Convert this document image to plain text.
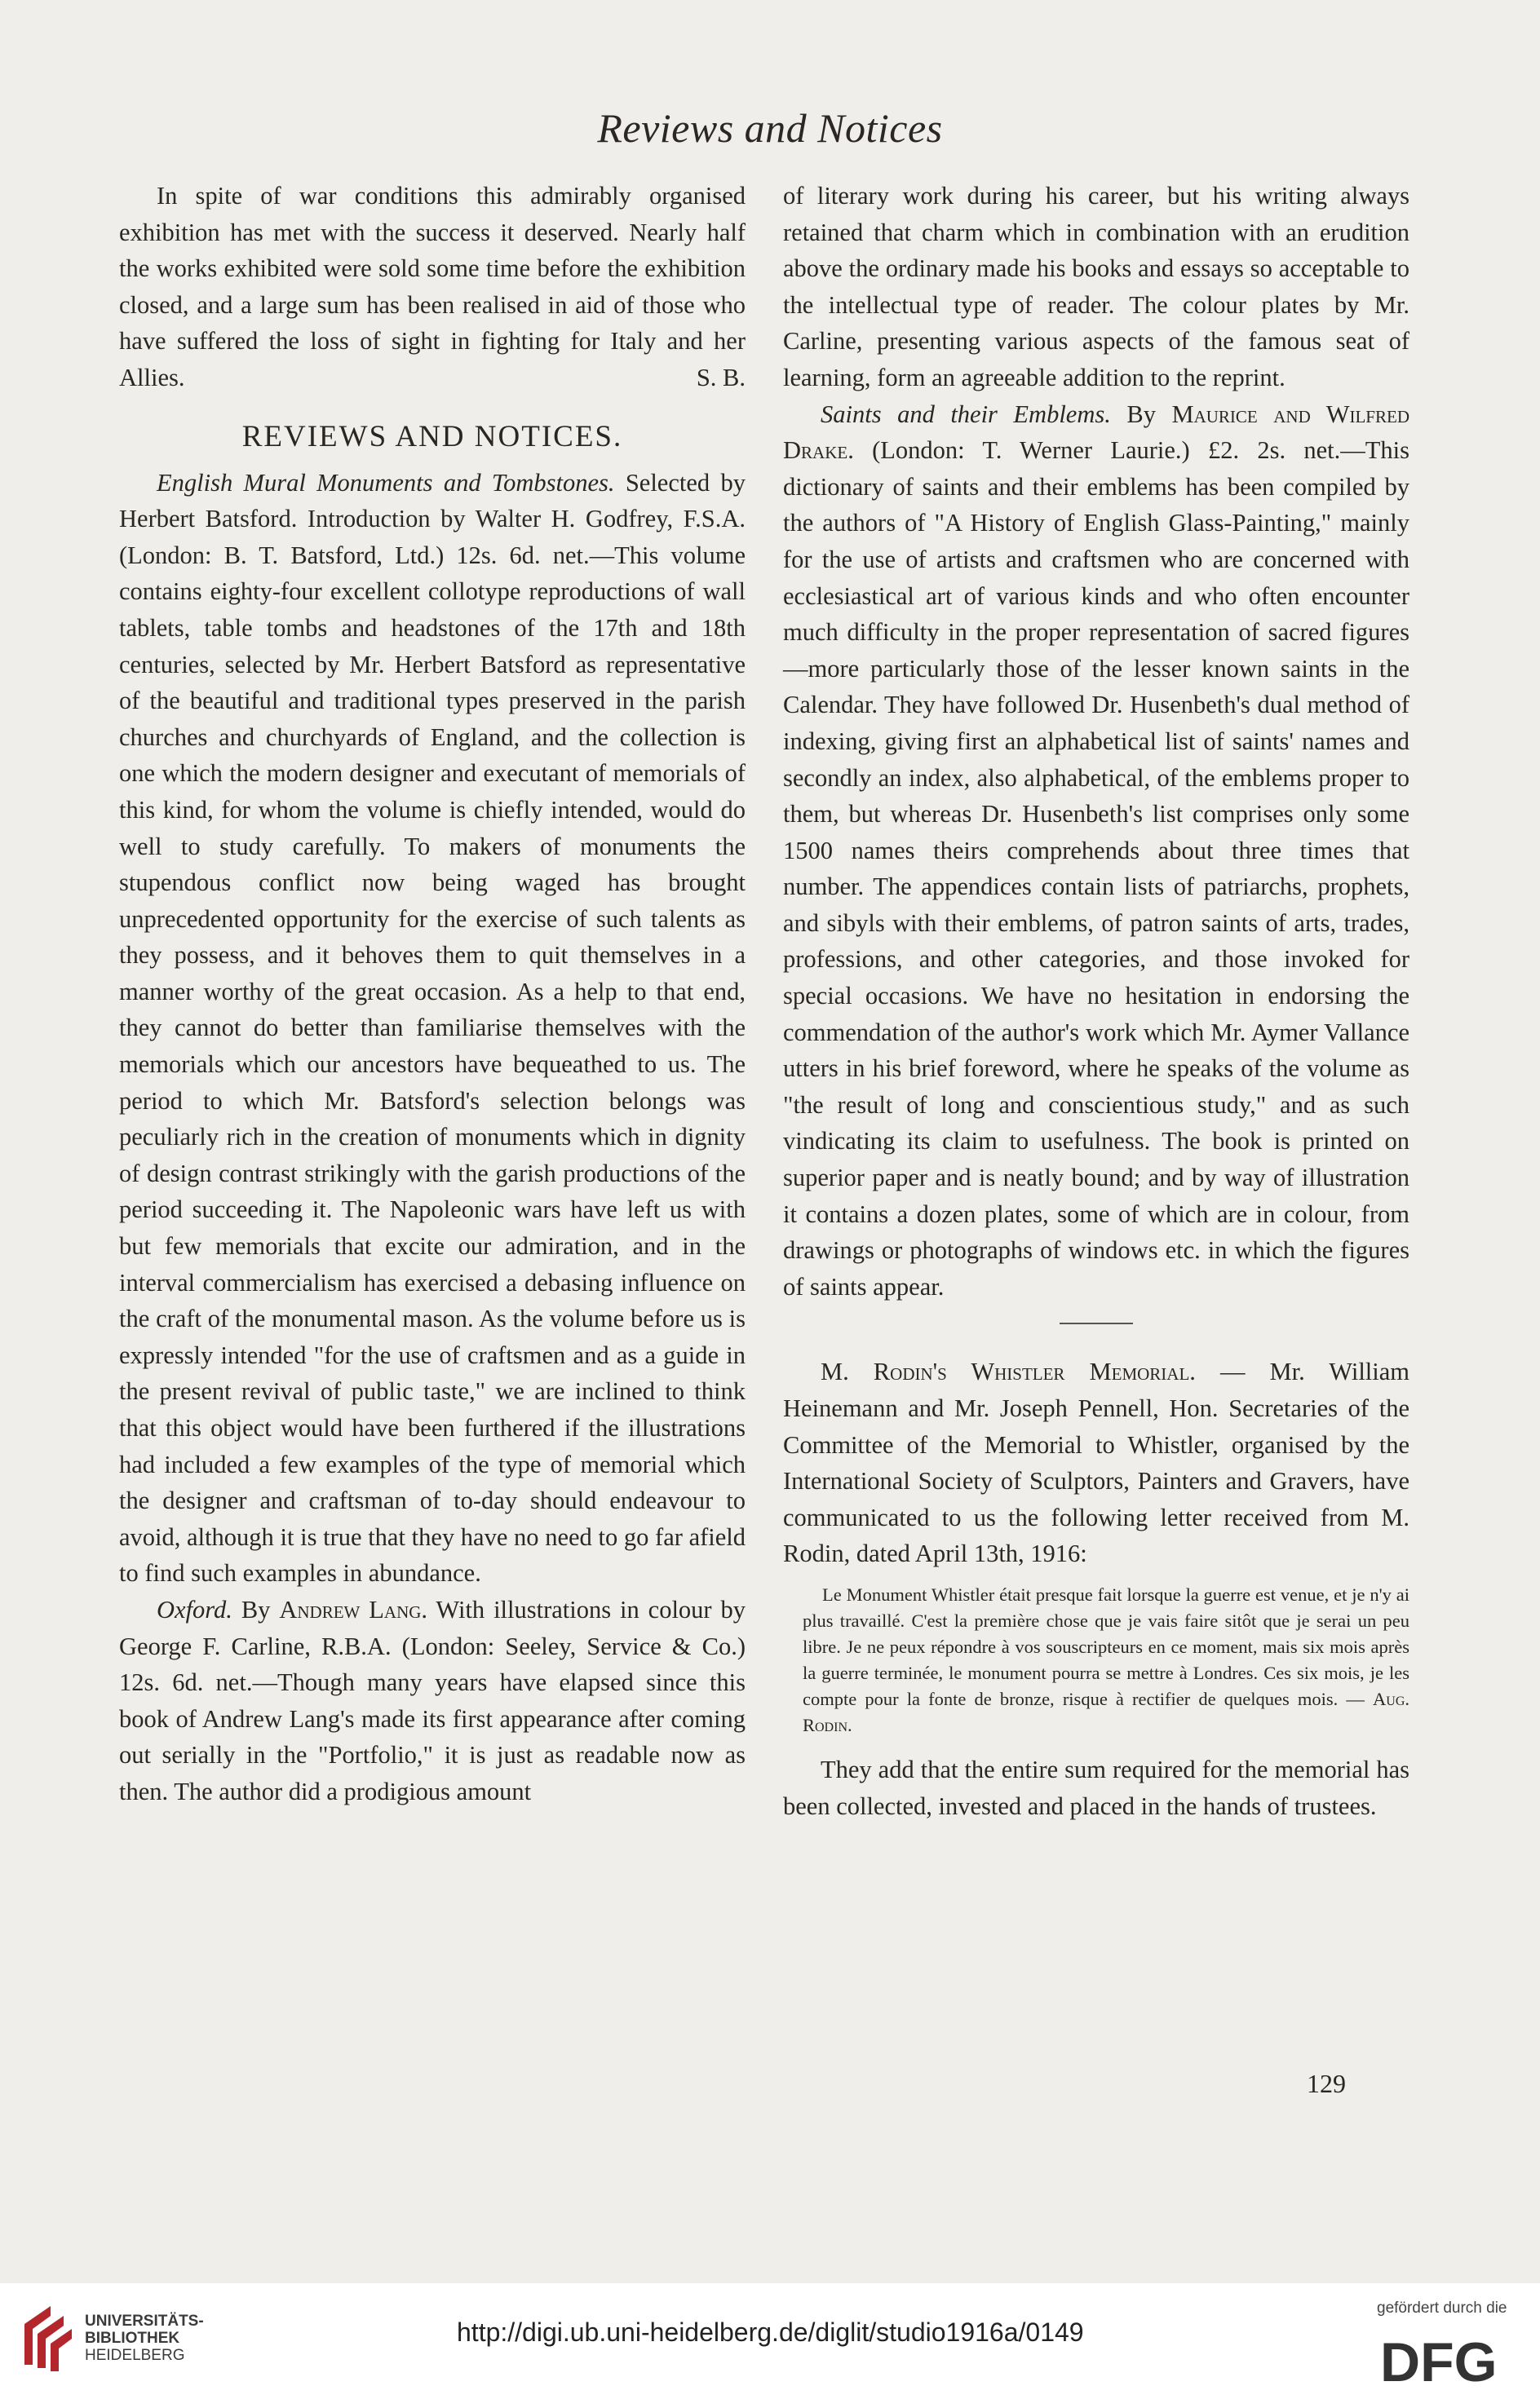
Reviews and Notices

In spite of war conditions this admirably organised exhibition has met with the success it deserved. Nearly half the works exhibited were sold some time before the exhibition closed, and a large sum has been realised in aid of those who have suffered the loss of sight in fighting for Italy and her Allies.	S. B.
REVIEWS AND NOTICES.

English Mural Monuments and Tombstones. Selected by Herbert Batsford. Introduction by Walter H. Godfrey, F.S.A. (London: B. T. Batsford, Ltd.) 12s. 6d. net.—This volume contains eighty-four excellent collotype reproductions of wall tablets, table tombs and headstones of the 17th and 18th centuries, selected by Mr. Herbert Batsford as representative of the beautiful and traditional types preserved in the parish churches and churchyards of England, and the collection is one which the modern designer and executant of memorials of this kind, for whom the volume is chiefly intended, would do well to study carefully. To makers of monuments the stupendous conflict now being waged has brought unprecedented opportunity for the exercise of such talents as they possess, and it behoves them to quit themselves in a manner worthy of the great occasion. As a help to that end, they cannot do better than familiarise themselves with the memorials which our ancestors have bequeathed to us. The period to which Mr. Batsford's selection belongs was peculiarly rich in the creation of monuments which in dignity of design contrast strikingly with the garish productions of the period succeeding it. The Napoleonic wars have left us with but few memorials that excite our admiration, and in the interval commercialism has exercised a debasing influence on the craft of the monumental mason. As the volume before us is expressly intended "for the use of craftsmen and as a guide in the present revival of public taste," we are inclined to think that this object would have been furthered if the illustrations had included a few examples of the type of memorial which the designer and craftsman of to-day should endeavour to avoid, although it is true that they have no need to go far afield to find such examples in abundance.

Oxford. By Andrew Lang. With illustrations in colour by George F. Carline, R.B.A. (London: Seeley, Service & Co.) 12s. 6d. net.—Though many years have elapsed since this book of Andrew Lang's made its first appearance after coming out serially in the "Portfolio," it is just as readable now as then. The author did a prodigious amount

of literary work during his career, but his writing always retained that charm which in combination with an erudition above the ordinary made his books and essays so acceptable to the intellectual type of reader. The colour plates by Mr. Carline, presenting various aspects of the famous seat of learning, form an agreeable addition to the reprint.

Saints and their Emblems. By Maurice and Wilfred Drake. (London: T. Werner Laurie.) £2. 2s. net.—This dictionary of saints and their emblems has been compiled by the authors of "A History of English Glass-Painting," mainly for the use of artists and craftsmen who are concerned with ecclesiastical art of various kinds and who often encounter much difficulty in the proper representation of sacred figures—more particularly those of the lesser known saints in the Calendar. They have followed Dr. Husenbeth's dual method of indexing, giving first an alphabetical list of saints' names and secondly an index, also alphabetical, of the emblems proper to them, but whereas Dr. Husenbeth's list comprises only some 1500 names theirs comprehends about three times that number. The appendices contain lists of patriarchs, prophets, and sibyls with their emblems, of patron saints of arts, trades, professions, and other categories, and those invoked for special occasions. We have no hesitation in endorsing the commendation of the author's work which Mr. Aymer Vallance utters in his brief foreword, where he speaks of the volume as "the result of long and conscientious study," and as such vindicating its claim to usefulness. The book is printed on superior paper and is neatly bound; and by way of illustration it contains a dozen plates, some of which are in colour, from drawings or photographs of windows etc. in which the figures of saints appear.

M. Rodin's Whistler Memorial. — Mr. William Heinemann and Mr. Joseph Pennell, Hon. Secretaries of the Committee of the Memorial to Whistler, organised by the International Society of Sculptors, Painters and Gravers, have communicated to us the following letter received from M. Rodin, dated April 13th, 1916:

Le Monument Whistler était presque fait lorsque la guerre est venue, et je n'y ai plus travaillé. C'est la première chose que je vais faire sitôt que je serai un peu libre. Je ne peux répondre à vos souscripteurs en ce moment, mais six mois après la guerre terminée, le monument pourra se mettre à Londres. Ces six mois, je les compte pour la fonte de bronze, risque à rectifier de quelques mois. — Aug. Rodin.

They add that the entire sum required for the memorial has been collected, invested and placed in the hands of trustees.

129
UNIVERSITÄTS-
BIBLIOTHEK
HEIDELBERG
http://digi.ub.uni-heidelberg.de/diglit/studio1916a/0149
gefördert durch die
DFG
